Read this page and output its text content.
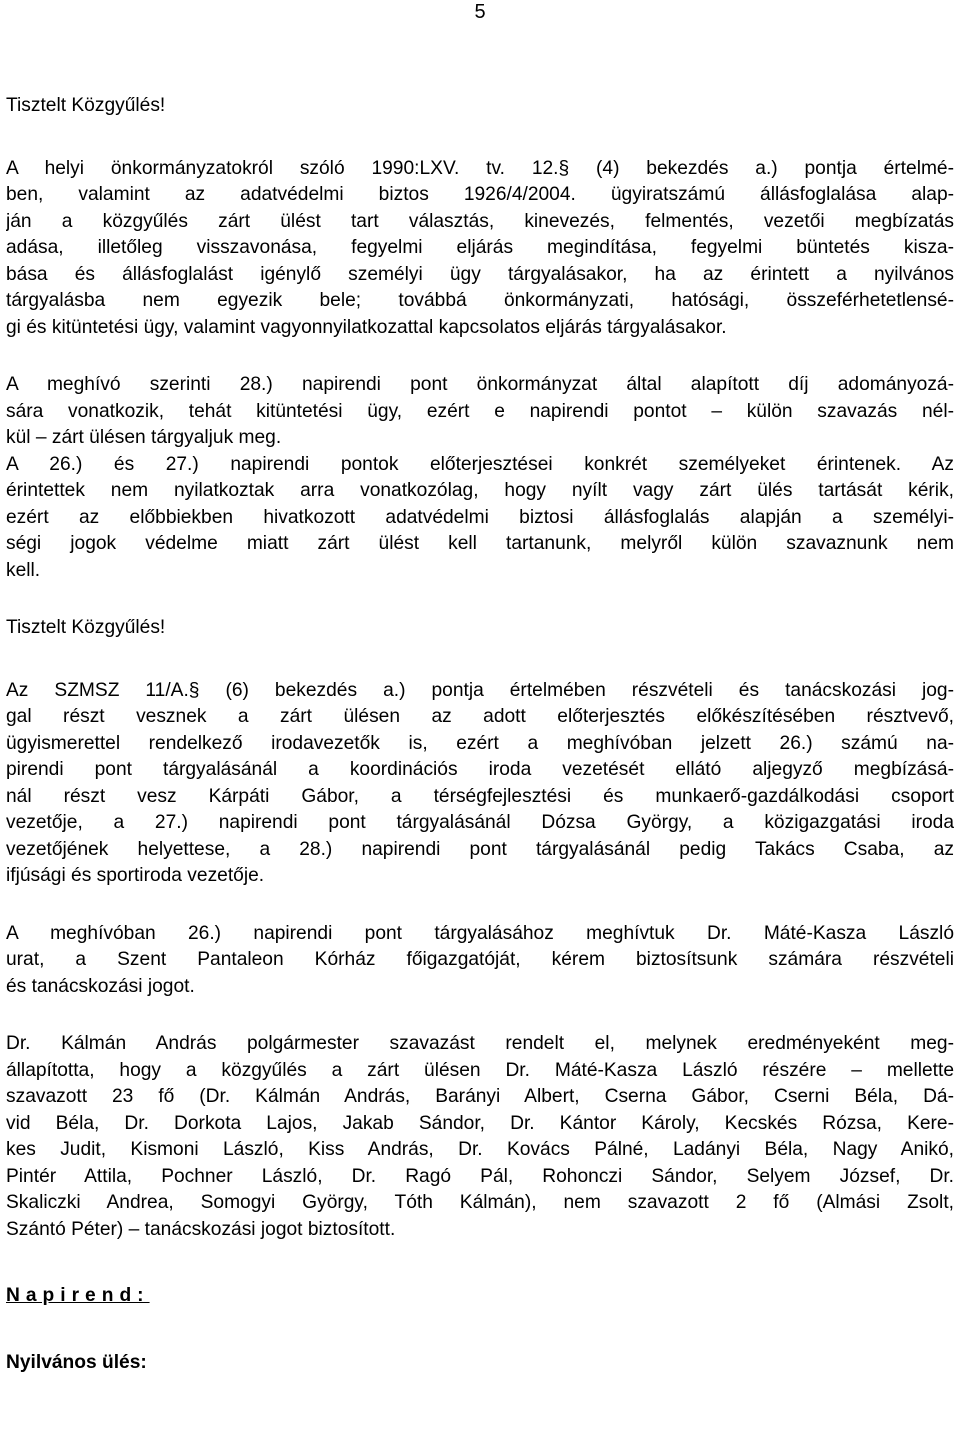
5

Tisztelt Közgyűlés!

A helyi önkormányzatokról szóló 1990:LXV. tv. 12.§ (4) bekezdés a.) pontja értelmé-

ben, valamint az adatvédelmi biztos 1926/4/2004. ügyiratszámú állásfoglalása alap-

ján a közgyűlés zárt ülést tart választás, kinevezés, felmentés, vezetői megbízatás

adása, illetőleg visszavonása, fegyelmi eljárás megindítása, fegyelmi büntetés kisza-

bása és állásfoglalást igénylő személyi ügy tárgyalásakor, ha az érintett a nyilvános

tárgyalásba nem egyezik bele; továbbá önkormányzati, hatósági, összeférhetetlensé-

gi és kitüntetési ügy, valamint vagyonnyilatkozattal kapcsolatos eljárás tárgyalásakor.

A meghívó szerinti 28.) napirendi pont önkormányzat által alapított díj adományozá-

sára vonatkozik, tehát kitüntetési ügy, ezért e napirendi pontot – külön szavazás nél-

kül – zárt ülésen tárgyaljuk meg.

A 26.) és 27.) napirendi pontok előterjesztései konkrét személyeket érintenek. Az

érintettek nem nyilatkoztak arra vonatkozólag, hogy nyílt vagy zárt ülés tartását kérik,

ezért az előbbiekben hivatkozott adatvédelmi biztosi állásfoglalás alapján a személyi-

ségi jogok védelme miatt zárt ülést kell tartanunk, melyről külön szavaznunk nem

kell.

Tisztelt Közgyűlés!

Az SZMSZ 11/A.§ (6) bekezdés a.) pontja értelmében részvételi és tanácskozási jog-

gal részt vesznek a zárt ülésen az adott előterjesztés előkészítésében résztvevő,

ügyismerettel rendelkező irodavezetők is, ezért a meghívóban jelzett 26.) számú na-

pirendi pont tárgyalásánál a koordinációs iroda vezetését ellátó aljegyző megbízásá-

nál részt vesz Kárpáti Gábor, a térségfejlesztési és munkaerő-gazdálkodási csoport

vezetője, a 27.) napirendi pont tárgyalásánál Dózsa György, a közigazgatási iroda

vezetőjének helyettese, a 28.) napirendi pont tárgyalásánál pedig Takács Csaba, az

ifjúsági és sportiroda vezetője.

A meghívóban 26.) napirendi pont tárgyalásához meghívtuk Dr. Máté-Kasza László

urat, a Szent Pantaleon Kórház főigazgatóját, kérem biztosítsunk számára részvételi

és tanácskozási jogot.

Dr. Kálmán András polgármester szavazást rendelt el, melynek eredményeként meg-

állapította, hogy a közgyűlés a zárt ülésen Dr. Máté-Kasza László részére – mellette

szavazott 23 fő (Dr. Kálmán András, Barányi Albert, Cserna Gábor, Cserni Béla, Dá-

vid Béla, Dr. Dorkota Lajos, Jakab Sándor, Dr. Kántor Károly, Kecskés Rózsa, Kere-

kes Judit, Kismoni László, Kiss András, Dr. Kovács Pálné, Ladányi Béla, Nagy Anikó,

Pintér Attila, Pochner László, Dr. Ragó Pál, Rohonczi Sándor, Selyem József, Dr.

Skaliczki Andrea, Somogyi György, Tóth Kálmán), nem szavazott 2 fő (Almási Zsolt,

Szántó Péter) – tanácskozási jogot biztosított.

Napirend:

Nyilvános ülés:
